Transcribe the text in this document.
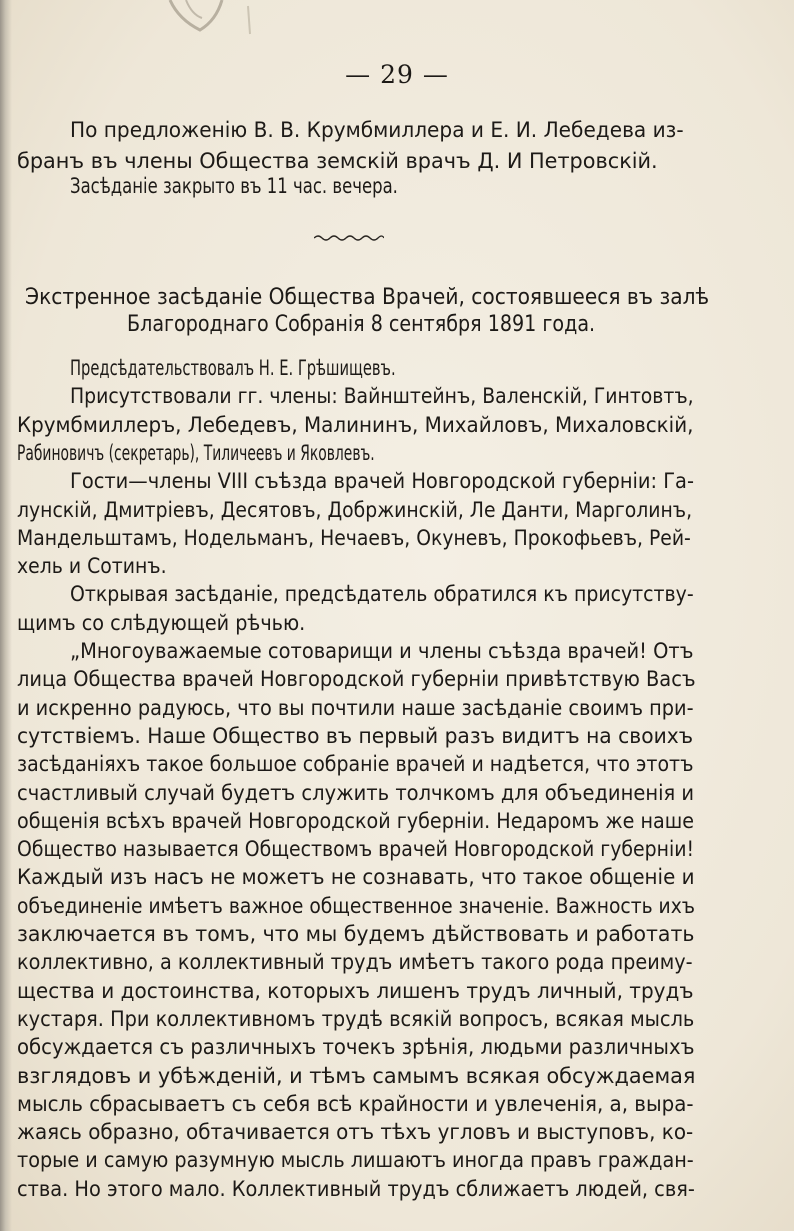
— 29 —
По предложенію В. В. Крумбмиллера и Е. И. Лебедева из-
бранъ въ члены Общества земскій врачъ Д. И Петровскій.
Засѣданіе закрыто въ 11 час. вечера.
Экстренное засѣданіе Общества Врачей, состоявшееся въ залѣ
Благороднаго Собранія 8 сентября 1891 года.
Предсѣдательствовалъ Н. Е. Грѣшищевъ.
Присутствовали гг. члены: Вайнштейнъ, Валенскій, Гинтовтъ,
Крумбмиллеръ, Лебедевъ, Малининъ, Михайловъ, Михаловскій,
Рабиновичъ (секретарь), Тиличеевъ и Яковлевъ.
Гости—члены VIII съѣзда врачей Новгородской губерніи: Га-
лунскій, Дмитріевъ, Десятовъ, Добржинскій, Ле Данти, Марголинъ,
Мандельштамъ, Нодельманъ, Нечаевъ, Окуневъ, Прокофьевъ, Рей-
хель и Сотинъ.
Открывая засѣданіе, предсѣдатель обратился къ присутству-
щимъ со слѣдующей рѣчью.
„Многоуважаемые сотоварищи и члены съѣзда врачей! Отъ
лица Общества врачей Новгородской губерніи привѣтствую Васъ
и искренно радуюсь, что вы почтили наше засѣданіе своимъ при-
сутствіемъ. Наше Общество въ первый разъ видитъ на своихъ
засѣданіяхъ такое большое собраніе врачей и надѣется, что этотъ
счастливый случай будетъ служить толчкомъ для объединенія и
общенія всѣхъ врачей Новгородской губерніи. Недаромъ же наше
Общество называется Обществомъ врачей Новгородской губерніи!
Каждый изъ насъ не можетъ не сознавать, что такое общеніе и
объединеніе имѣетъ важное общественное значеніе. Важность ихъ
заключается въ томъ, что мы будемъ дѣйствовать и работать
коллективно, а коллективный трудъ имѣетъ такого рода преиму-
щества и достоинства, которыхъ лишенъ трудъ личный, трудъ
кустаря. При коллективномъ трудѣ всякій вопросъ, всякая мысль
обсуждается съ различныхъ точекъ зрѣнія, людьми различныхъ
взглядовъ и убѣжденій, и тѣмъ самымъ всякая обсуждаемая
мысль сбрасываетъ съ себя всѣ крайности и увлеченія, а, выра-
жаясь образно, обтачивается отъ тѣхъ угловъ и выступовъ, ко-
торые и самую разумную мысль лишаютъ иногда правъ граждан-
ства. Но этого мало. Коллективный трудъ сближаетъ людей, свя-
